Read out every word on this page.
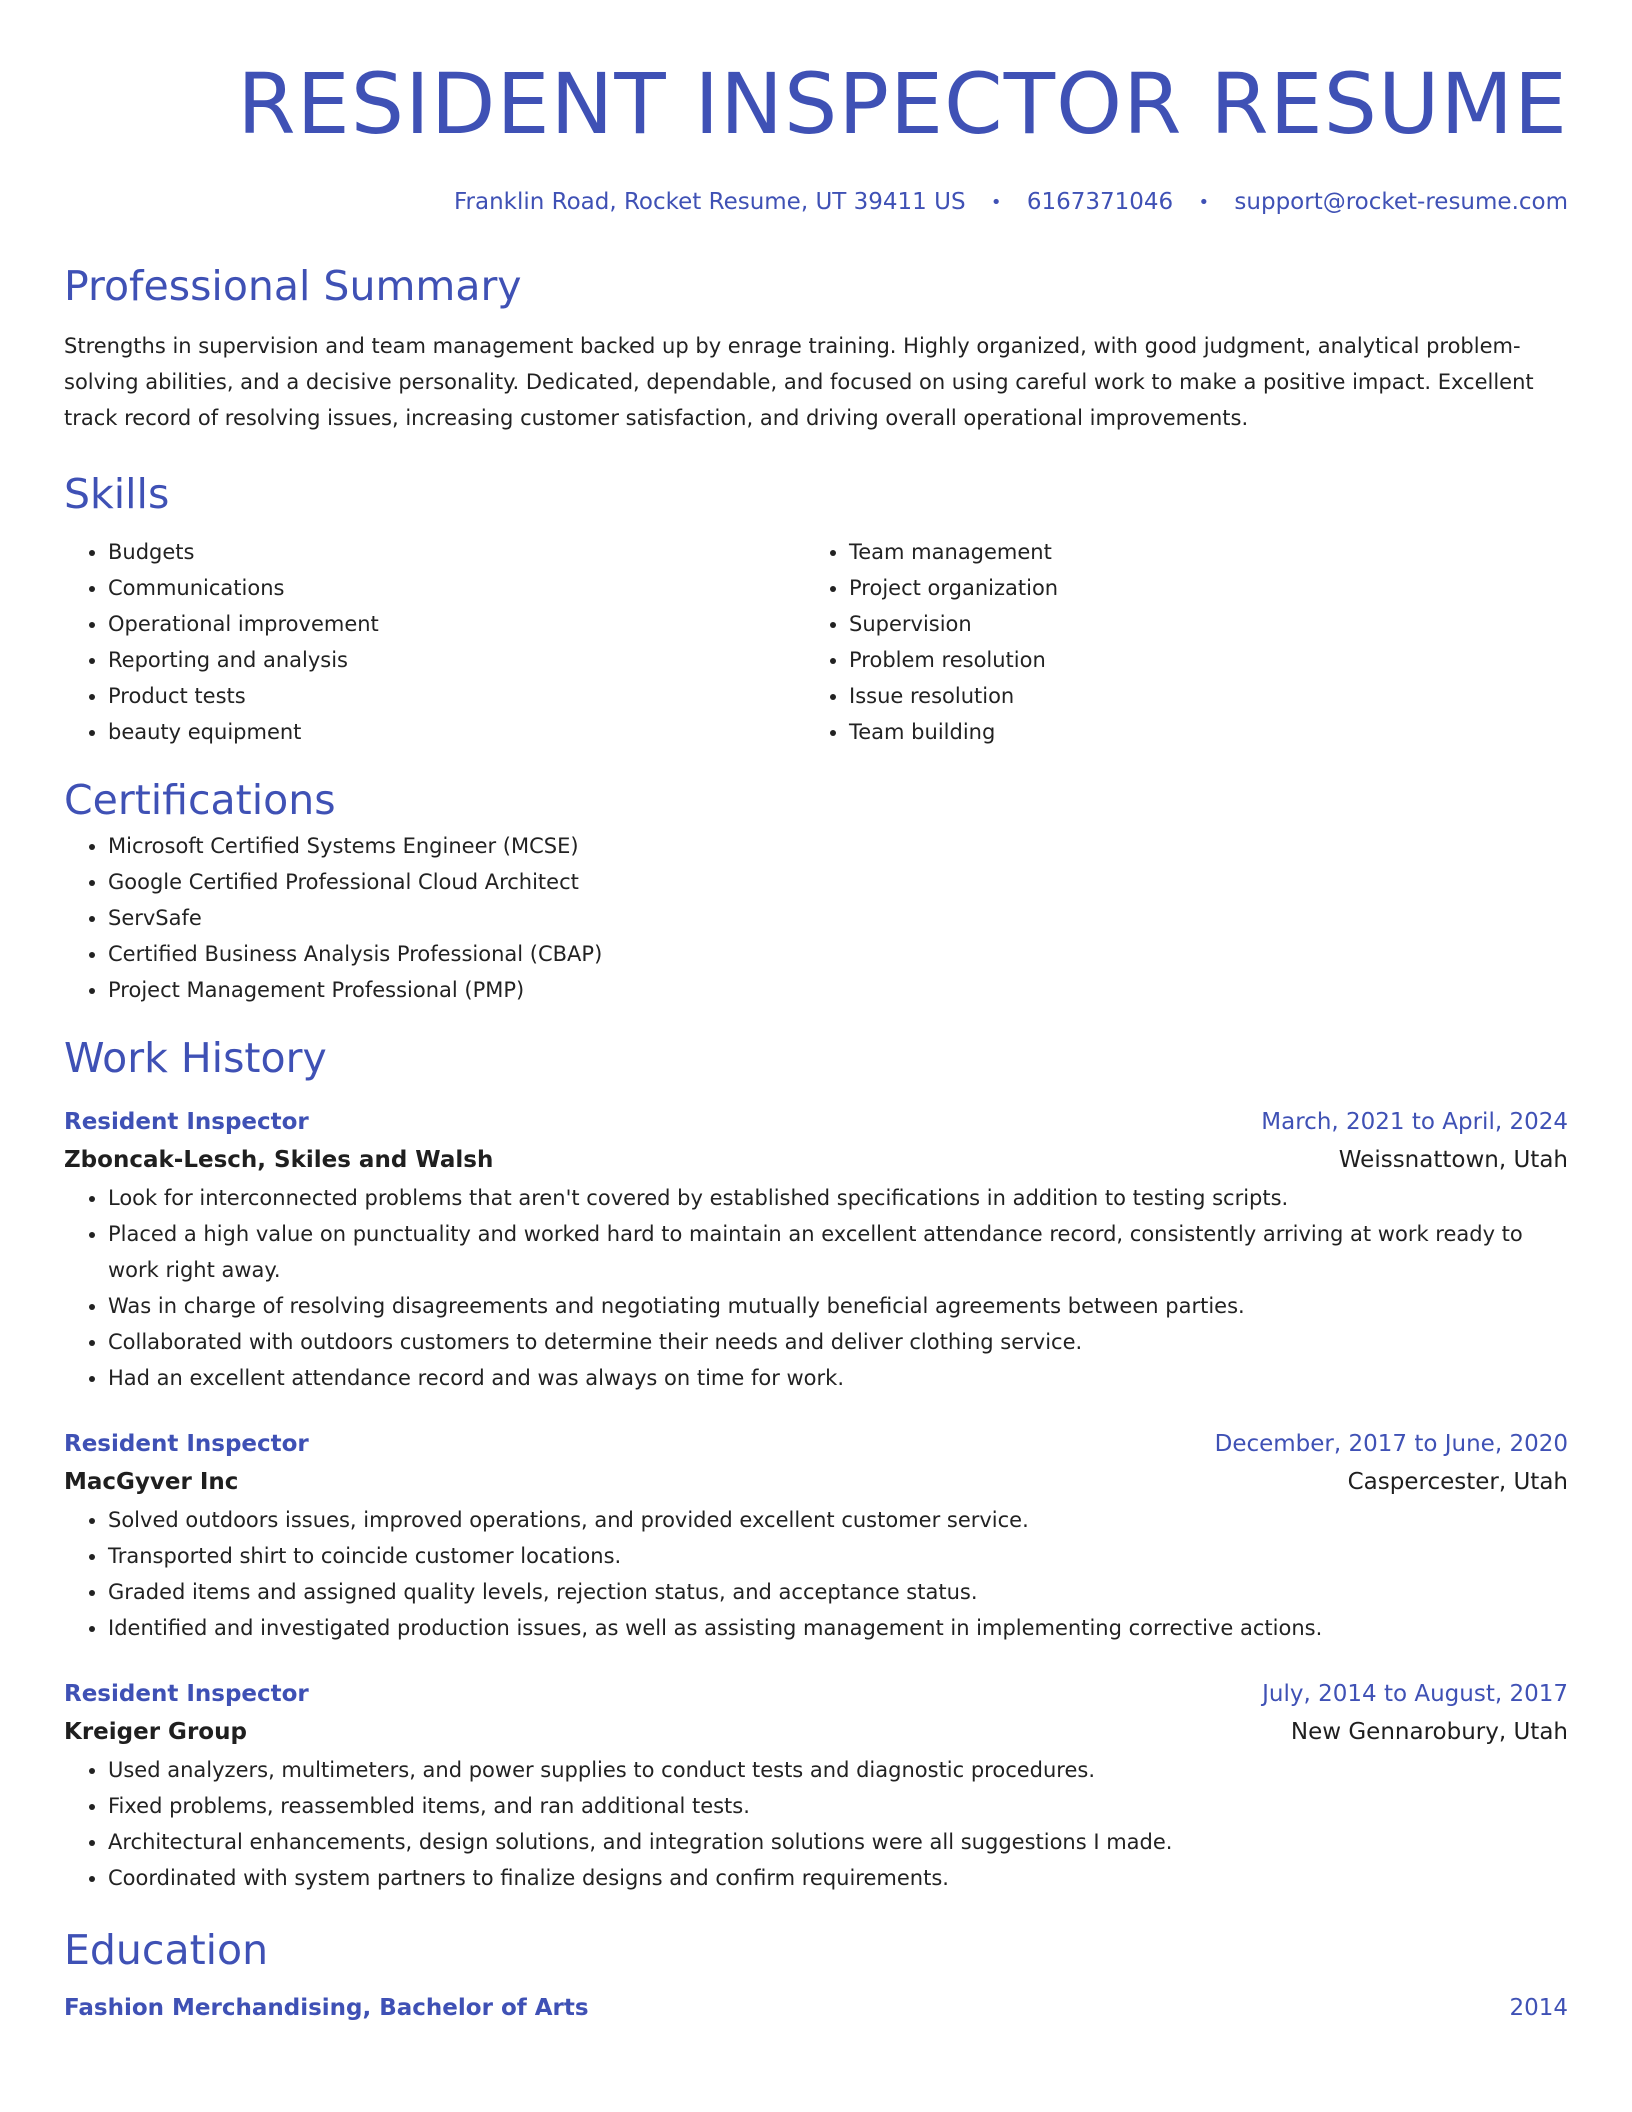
RESIDENT INSPECTOR RESUME
Franklin Road, Rocket Resume, UT 39411 US • 6167371046 • support@rocket-resume.com
Professional Summary

Strengths in supervision and team management backed up by enrage training. Highly organized, with good judgment, analytical problem-solving abilities, and a decisive personality. Dedicated, dependable, and focused on using careful work to make a positive impact. Excellent track record of resolving issues, increasing customer satisfaction, and driving overall operational improvements.

Skills
• Budgets
• Communications
• Operational improvement
• Reporting and analysis
• Product tests
• beauty equipment
• Team management
• Project organization
• Supervision
• Problem resolution
• Issue resolution
• Team building
Certifications
• Microsoft Certified Systems Engineer (MCSE)
• Google Certified Professional Cloud Architect
• ServSafe
• Certified Business Analysis Professional (CBAP)
• Project Management Professional (PMP)
Work History
Resident Inspector	March, 2021 to April, 2024
Zboncak-Lesch, Skiles and Walsh	Weissnattown, Utah
• Look for interconnected problems that aren't covered by established specifications in addition to testing scripts.
• Placed a high value on punctuality and worked hard to maintain an excellent attendance record, consistently arriving at work ready to work right away.
• Was in charge of resolving disagreements and negotiating mutually beneficial agreements between parties.
• Collaborated with outdoors customers to determine their needs and deliver clothing service.
• Had an excellent attendance record and was always on time for work.
Resident Inspector	December, 2017 to June, 2020
MacGyver Inc	Caspercester, Utah
• Solved outdoors issues, improved operations, and provided excellent customer service.
• Transported shirt to coincide customer locations.
• Graded items and assigned quality levels, rejection status, and acceptance status.
• Identified and investigated production issues, as well as assisting management in implementing corrective actions.
Resident Inspector	July, 2014 to August, 2017
Kreiger Group	New Gennarobury, Utah
• Used analyzers, multimeters, and power supplies to conduct tests and diagnostic procedures.
• Fixed problems, reassembled items, and ran additional tests.
• Architectural enhancements, design solutions, and integration solutions were all suggestions I made.
• Coordinated with system partners to finalize designs and confirm requirements.
Education
Fashion Merchandising, Bachelor of Arts	2014
